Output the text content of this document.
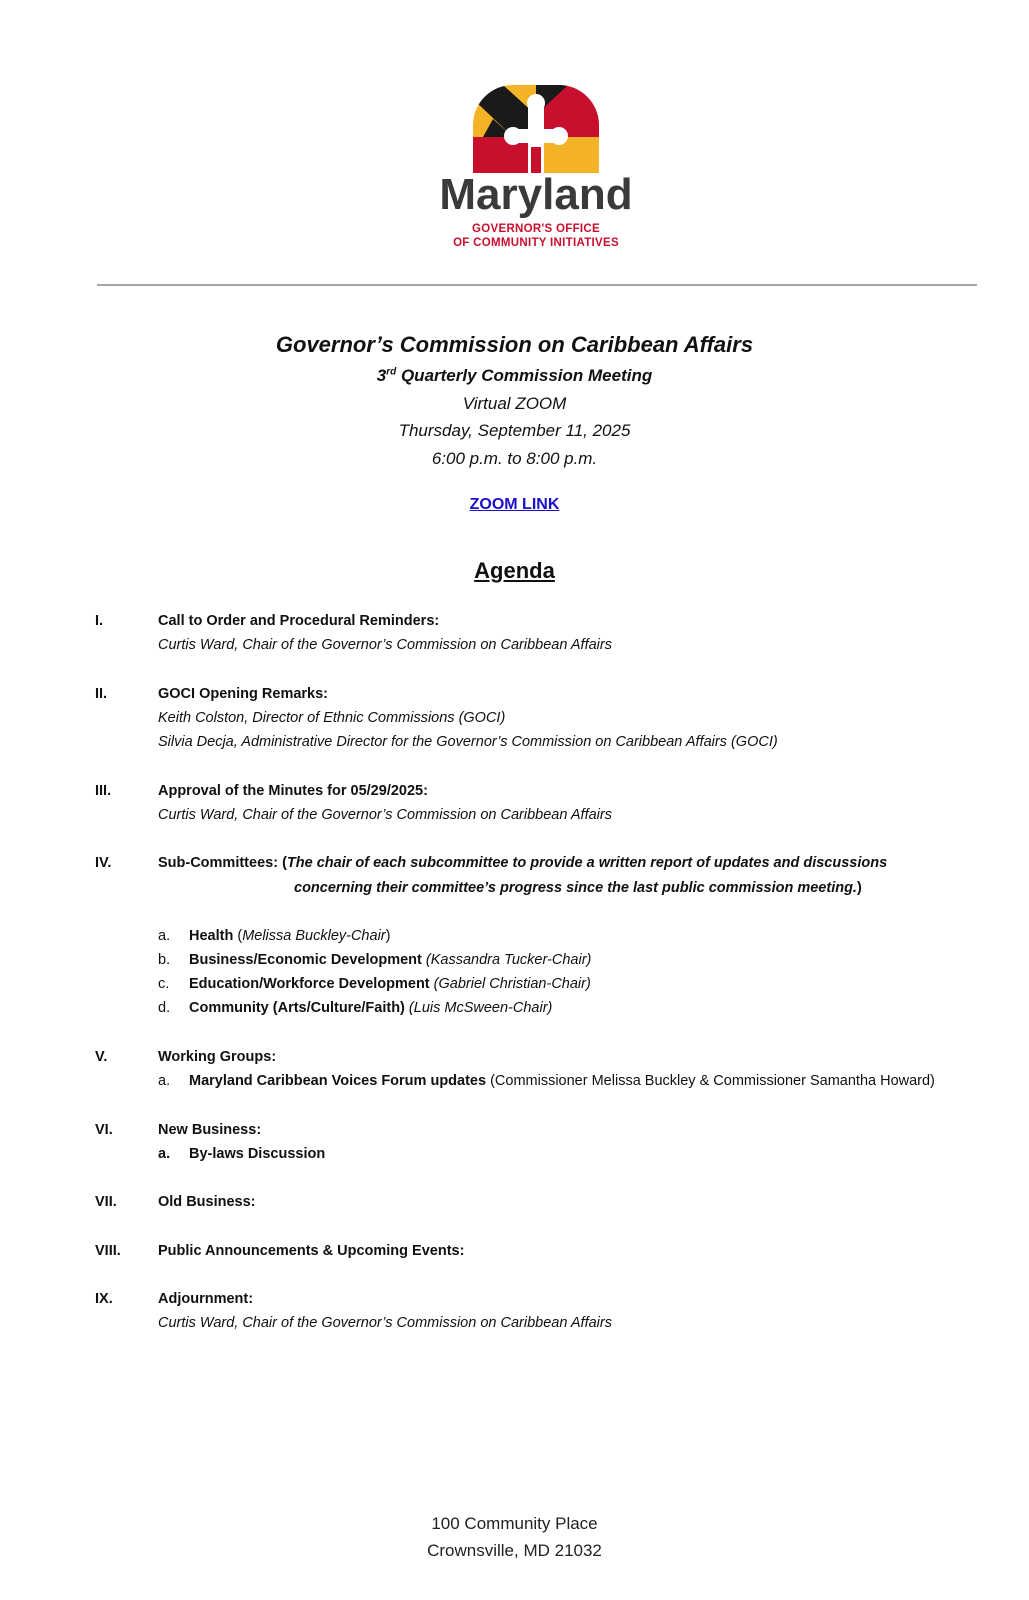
Maryland
GOVERNOR'S OFFICE
OF COMMUNITY INITIATIVES
Governor’s Commission on Caribbean Affairs
3rd Quarterly Commission Meeting
Virtual ZOOM
Thursday, September 11, 2025
6:00 p.m. to 8:00 p.m.
ZOOM LINK
Agenda
I.	Call to Order and Procedural Reminders:
Curtis Ward, Chair of the Governor’s Commission on Caribbean Affairs
II.	GOCI Opening Remarks:
Keith Colston, Director of Ethnic Commissions (GOCI)
Silvia Decja, Administrative Director for the Governor’s Commission on Caribbean Affairs (GOCI)
III.	Approval of the Minutes for 05/29/2025:
Curtis Ward, Chair of the Governor’s Commission on Caribbean Affairs
IV.	Sub-Committees: (The chair of each subcommittee to provide a written report of updates and discussions
concerning their committee’s progress since the last public commission meeting.)
a. Health (Melissa Buckley-Chair)
b. Business/Economic Development (Kassandra Tucker-Chair)
c. Education/Workforce Development (Gabriel Christian-Chair)
d. Community (Arts/Culture/Faith) (Luis McSween-Chair)
V.	Working Groups:
a. Maryland Caribbean Voices Forum updates (Commissioner Melissa Buckley & Commissioner Samantha Howard)
VI.	New Business:
a. By-laws Discussion
VII.	Old Business:
VIII.	Public Announcements & Upcoming Events:
IX.	Adjournment:
Curtis Ward, Chair of the Governor’s Commission on Caribbean Affairs
100 Community Place
Crownsville, MD 21032
